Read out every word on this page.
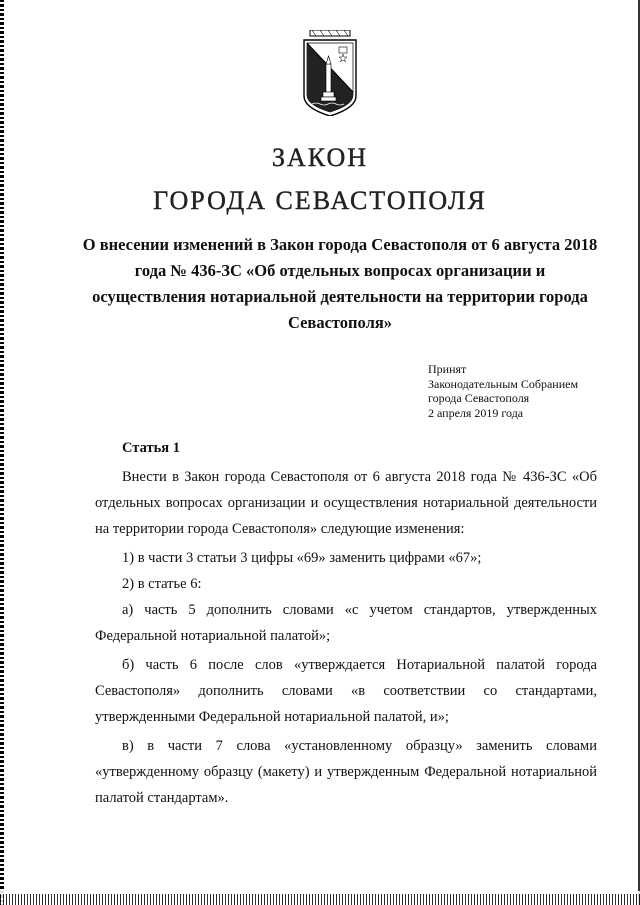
ЗАКОН
ГОРОДА СЕВАСТОПОЛЯ
О внесении изменений в Закон города Севастополя от 6 августа 2018 года № 436-ЗС «Об отдельных вопросах организации и осуществления нотариальной деятельности на территории города Севастополя»
Принят
Законодательным Собранием
города Севастополя
2 апреля 2019 года
Статья 1
Внести в Закон города Севастополя от 6 августа 2018 года № 436-ЗС «Об отдельных вопросах организации и осуществления нотариальной деятельности на территории города Севастополя» следующие изменения:
1) в части 3 статьи 3 цифры «69» заменить цифрами «67»;
2) в статье 6:
а) часть 5 дополнить словами «с учетом стандартов, утвержденных Федеральной нотариальной палатой»;
б) часть 6 после слов «утверждается Нотариальной палатой города Севастополя» дополнить словами «в соответствии со стандартами, утвержденными Федеральной нотариальной палатой, и»;
в) в части 7 слова «установленному образцу» заменить словами «утвержденному образцу (макету) и утвержденным Федеральной нотариальной палатой стандартам».
